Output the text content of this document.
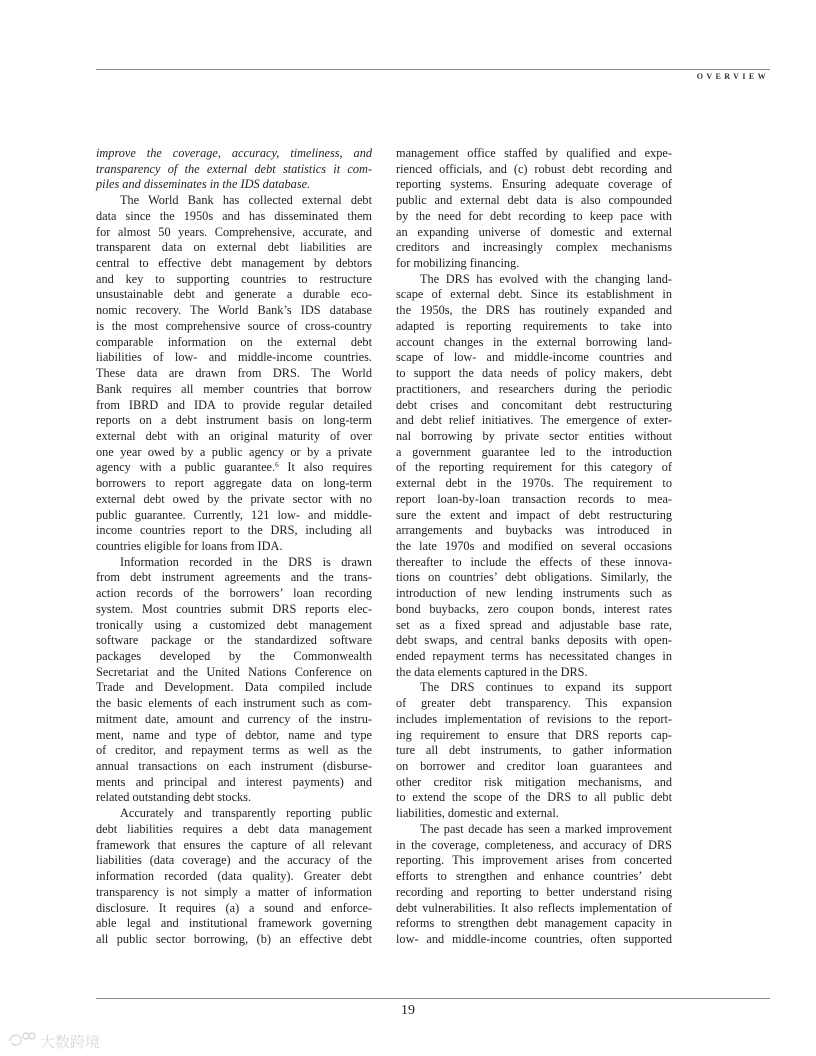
OVERVIEW
improve the coverage, accuracy, timeliness, and
transparency of the external debt statistics it com-
piles and disseminates in the IDS database.
The World Bank has collected external debt
data since the 1950s and has disseminated them
for almost 50 years. Comprehensive, accurate, and
transparent data on external debt liabilities are
central to effective debt management by debtors
and key to supporting countries to restructure
unsustainable debt and generate a durable eco-
nomic recovery. The World Bank’s IDS database
is the most comprehensive source of cross-country
comparable information on the external debt
liabilities of low- and middle-income countries.
These data are drawn from DRS. The World
Bank requires all member countries that borrow
from IBRD and IDA to provide regular detailed
reports on a debt instrument basis on long-term
external debt with an original maturity of over
one year owed by a public agency or by a private
agency with a public guarantee.$^6$ It also requires
borrowers to report aggregate data on long-term
external debt owed by the private sector with no
public guarantee. Currently, 121 low- and middle-
income countries report to the DRS, including all
countries eligible for loans from IDA.
Information recorded in the DRS is drawn
from debt instrument agreements and the trans-
action records of the borrowers’ loan recording
system. Most countries submit DRS reports elec-
tronically using a customized debt management
software package or the standardized software
packages developed by the Commonwealth
Secretariat and the United Nations Conference on
Trade and Development. Data compiled include
the basic elements of each instrument such as com-
mitment date, amount and currency of the instru-
ment, name and type of debtor, name and type
of creditor, and repayment terms as well as the
annual transactions on each instrument (disburse-
ments and principal and interest payments) and
related outstanding debt stocks.
Accurately and transparently reporting public
debt liabilities requires a debt data management
framework that ensures the capture of all relevant
liabilities (data coverage) and the accuracy of the
information recorded (data quality). Greater debt
transparency is not simply a matter of information
disclosure. It requires (a) a sound and enforce-
able legal and institutional framework governing
all public sector borrowing, (b) an effective debt
management office staffed by qualified and expe-
rienced officials, and (c) robust debt recording and
reporting systems. Ensuring adequate coverage of
public and external debt data is also compounded
by the need for debt recording to keep pace with
an expanding universe of domestic and external
creditors and increasingly complex mechanisms
for mobilizing financing.
The DRS has evolved with the changing land-
scape of external debt. Since its establishment in
the 1950s, the DRS has routinely expanded and
adapted is reporting requirements to take into
account changes in the external borrowing land-
scape of low- and middle-income countries and
to support the data needs of policy makers, debt
practitioners, and researchers during the periodic
debt crises and concomitant debt restructuring
and debt relief initiatives. The emergence of exter-
nal borrowing by private sector entities without
a government guarantee led to the introduction
of the reporting requirement for this category of
external debt in the 1970s. The requirement to
report loan-by-loan transaction records to mea-
sure the extent and impact of debt restructuring
arrangements and buybacks was introduced in
the late 1970s and modified on several occasions
thereafter to include the effects of these innova-
tions on countries’ debt obligations. Similarly, the
introduction of new lending instruments such as
bond buybacks, zero coupon bonds, interest rates
set as a fixed spread and adjustable base rate,
debt swaps, and central banks deposits with open-
ended repayment terms has necessitated changes in
the data elements captured in the DRS.
The DRS continues to expand its support
of greater debt transparency. This expansion
includes implementation of revisions to the report-
ing requirement to ensure that DRS reports cap-
ture all debt instruments, to gather information
on borrower and creditor loan guarantees and
other creditor risk mitigation mechanisms, and
to extend the scope of the DRS to all public debt
liabilities, domestic and external.
The past decade has seen a marked improvement
in the coverage, completeness, and accuracy of DRS
reporting. This improvement arises from concerted
efforts to strengthen and enhance countries’ debt
recording and reporting to better understand rising
debt vulnerabilities. It also reflects implementation of
reforms to strengthen debt management capacity in
low- and middle-income countries, often supported
19
大数跨境
